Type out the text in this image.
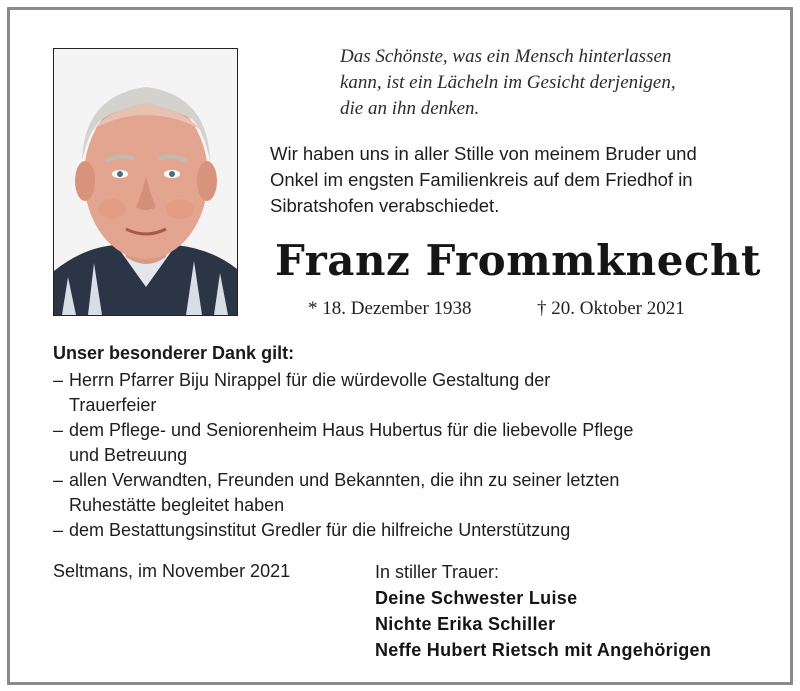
Das Schönste, was ein Mensch hinterlassen
kann, ist ein Lächeln im Gesicht derjenigen,
die an ihn denken.
Wir haben uns in aller Stille von meinem Bruder und
Onkel im engsten Familienkreis auf dem Friedhof in
Sibratshofen verabschiedet.
Franz Frommknecht
* 18. Dezember 1938	† 20. Oktober 2021
Unser besonderer Dank gilt:
– Herrn Pfarrer Biju Nirappel für die würdevolle Gestaltung der
Trauerfeier
– dem Pflege- und Seniorenheim Haus Hubertus für die liebevolle Pflege
und Betreuung
– allen Verwandten, Freunden und Bekannten, die ihn zu seiner letzten
Ruhestätte begleitet haben
– dem Bestattungsinstitut Gredler für die hilfreiche Unterstützung
Seltmans, im November 2021	In stiller Trauer:
Deine Schwester Luise
Nichte Erika Schiller
Neffe Hubert Rietsch mit Angehörigen
